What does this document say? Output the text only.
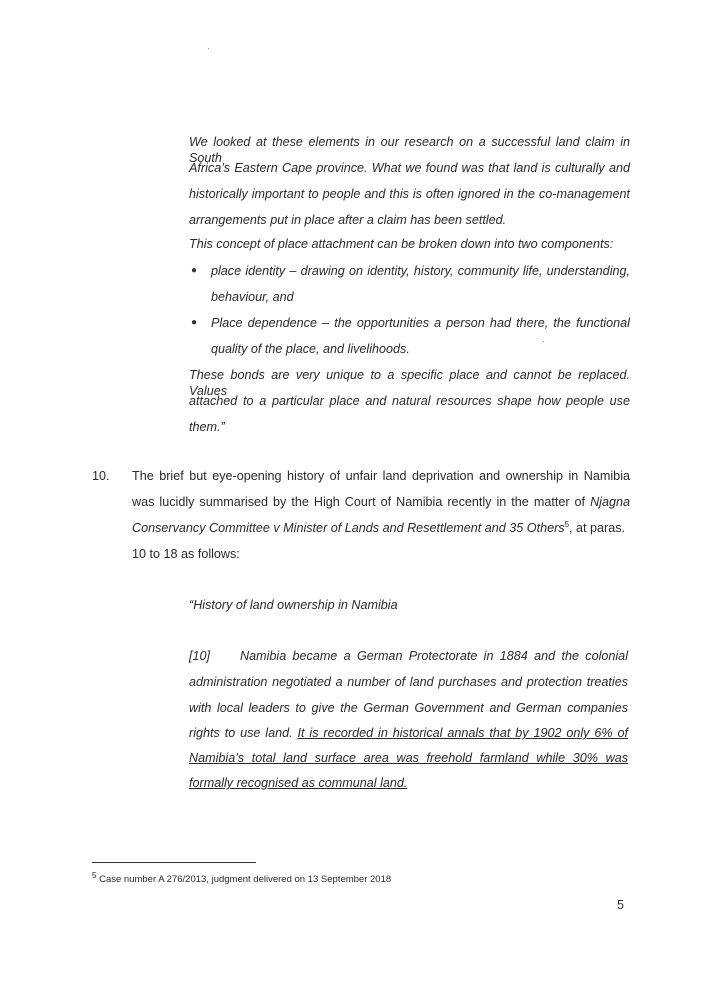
We looked at these elements in our research on a successful land claim in South
Africa’s Eastern Cape province. What we found was that land is culturally and
historically important to people and this is often ignored in the co-management
arrangements put in place after a claim has been settled.
This concept of place attachment can be broken down into two components:
● place identity – drawing on identity, history, community life, understanding,
behaviour, and
● Place dependence – the opportunities a person had there, the functional
quality of the place, and livelihoods.
These bonds are very unique to a specific place and cannot be replaced. Values
attached to a particular place and natural resources shape how people use
them.”
10. The brief but eye-opening history of unfair land deprivation and ownership in Namibia
was lucidly summarised by the High Court of Namibia recently in the matter of Njagna
Conservancy Committee v Minister of Lands and Resettlement and 35 Others$^5$, at paras.
10 to 18 as follows:
“History of land ownership in Namibia
[10] Namibia became a German Protectorate in 1884 and the colonial
administration negotiated a number of land purchases and protection treaties
with local leaders to give the German Government and German companies
rights to use land. It is recorded in historical annals that by 1902 only 6% of
Namibia’s total land surface area was freehold farmland while 30% was
formally recognised as communal land.
$^5$ Case number A 276/2013, judgment delivered on 13 September 2018
5
